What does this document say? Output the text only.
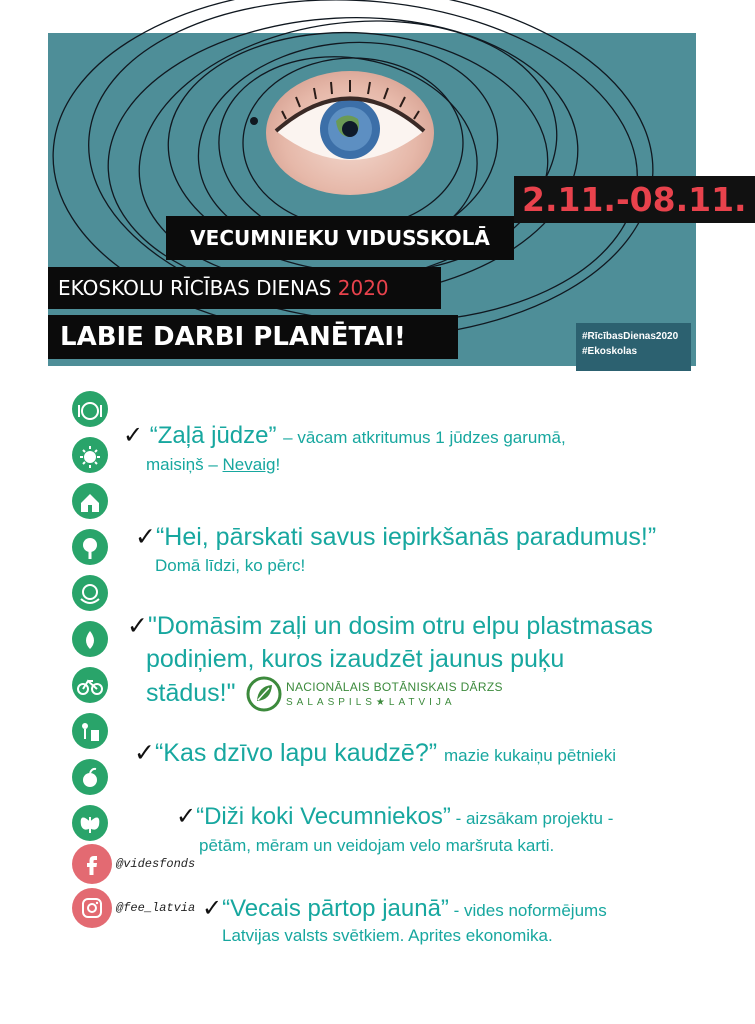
2.11.-08.11.
VECUMNIEKU VIDUSSKOLĀ
EKOSKOLU RĪCĪBAS DIENAS 2020
LABIE DARBI PLANĒTAI!	#RīcībasDienas2020
#Ekoskolas
✓ “Zaļā jūdze” – vācam atkritumus 1 jūdzes garumā,
maisiņš – Nevaig!
✓“Hei, pārskati savus iepirkšanās paradumus!”
Domā līdzi, ko pērc!
✓"Domāsim zaļi un dosim otru elpu plastmasas
podiņiem, kuros izaudzēt jaunus puķu
stādus!"	NACIONĀLAIS BOTĀNISKAIS DĀRZS
SALASPILS★LATVIJA
✓“Kas dzīvo lapu kaudzē?” mazie kukaiņu pētnieki
✓“Diži koki Vecumniekos” - aizsākam projektu -
pētām, mēram un veidojam velo maršruta karti.
@videsfonds
@fee_latvia ✓“Vecais pārtop jaunā” - vides noformējums
Latvijas valsts svētkiem. Aprites ekonomika.
